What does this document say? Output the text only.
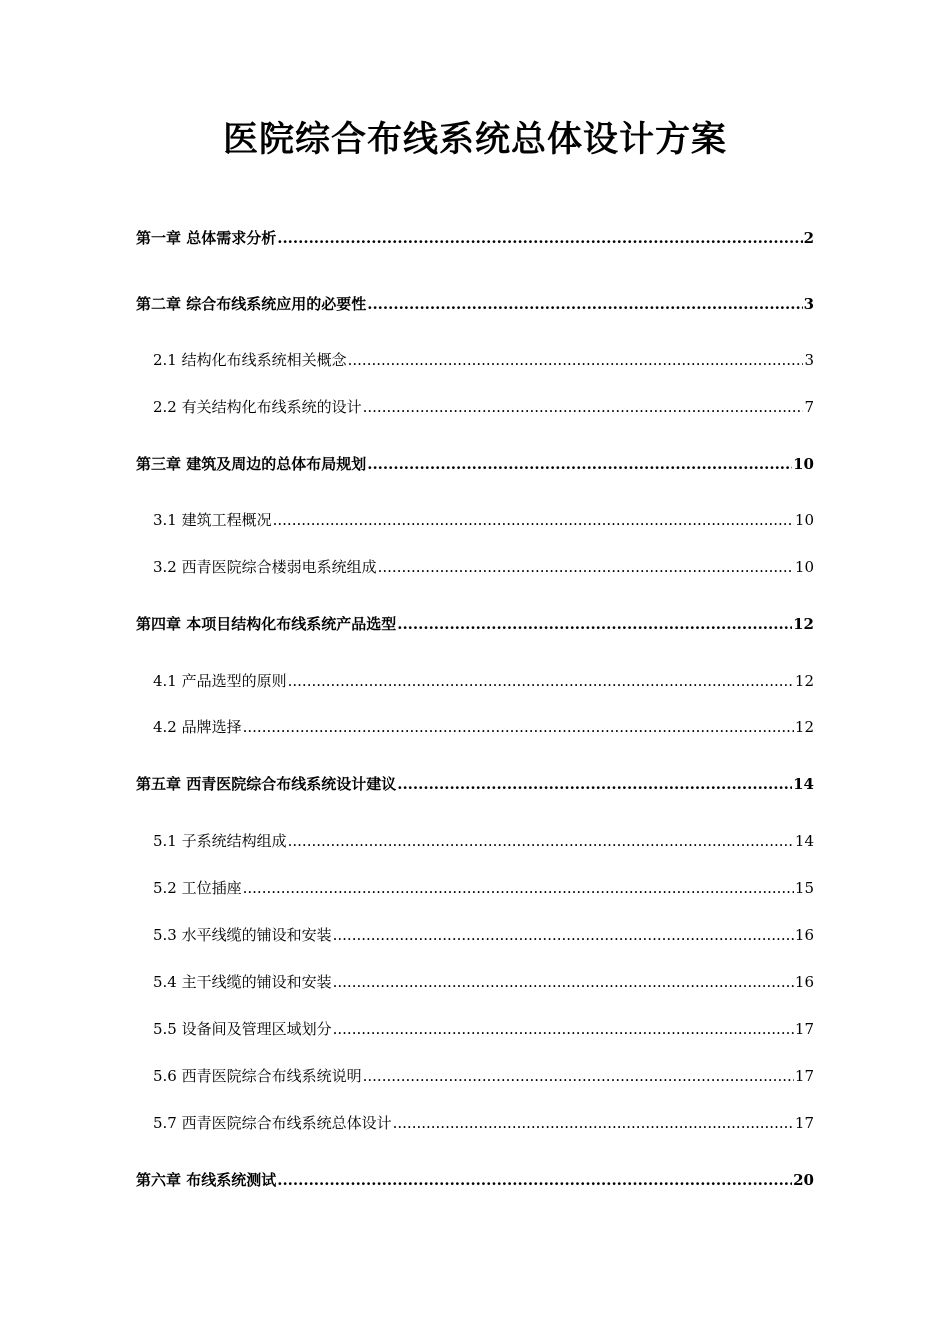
医院综合布线系统总体设计方案
第一章 总体需求分析 .....	2
第二章 综合布线系统应用的必要性 .....	3
2.1 结构化布线系统相关概念 .....	3
2.2 有关结构化布线系统的设计 .....	7
第三章 建筑及周边的总体布局规划 .....	10
3.1 建筑工程概况 .....	10
3.2 西青医院综合楼弱电系统组成 .....	10
第四章 本项目结构化布线系统产品选型 .....	12
4.1 产品选型的原则 .....	12
4.2 品牌选择 .....	12
第五章 西青医院综合布线系统设计建议 .....	14
5.1 子系统结构组成 .....	14
5.2 工位插座 .....	15
5.3 水平线缆的铺设和安装 .....	16
5.4 主干线缆的铺设和安装 .....	16
5.5 设备间及管理区域划分 .....	17
5.6 西青医院综合布线系统说明 .....	17
5.7 西青医院综合布线系统总体设计 .....	17
第六章 布线系统测试 .....	20
